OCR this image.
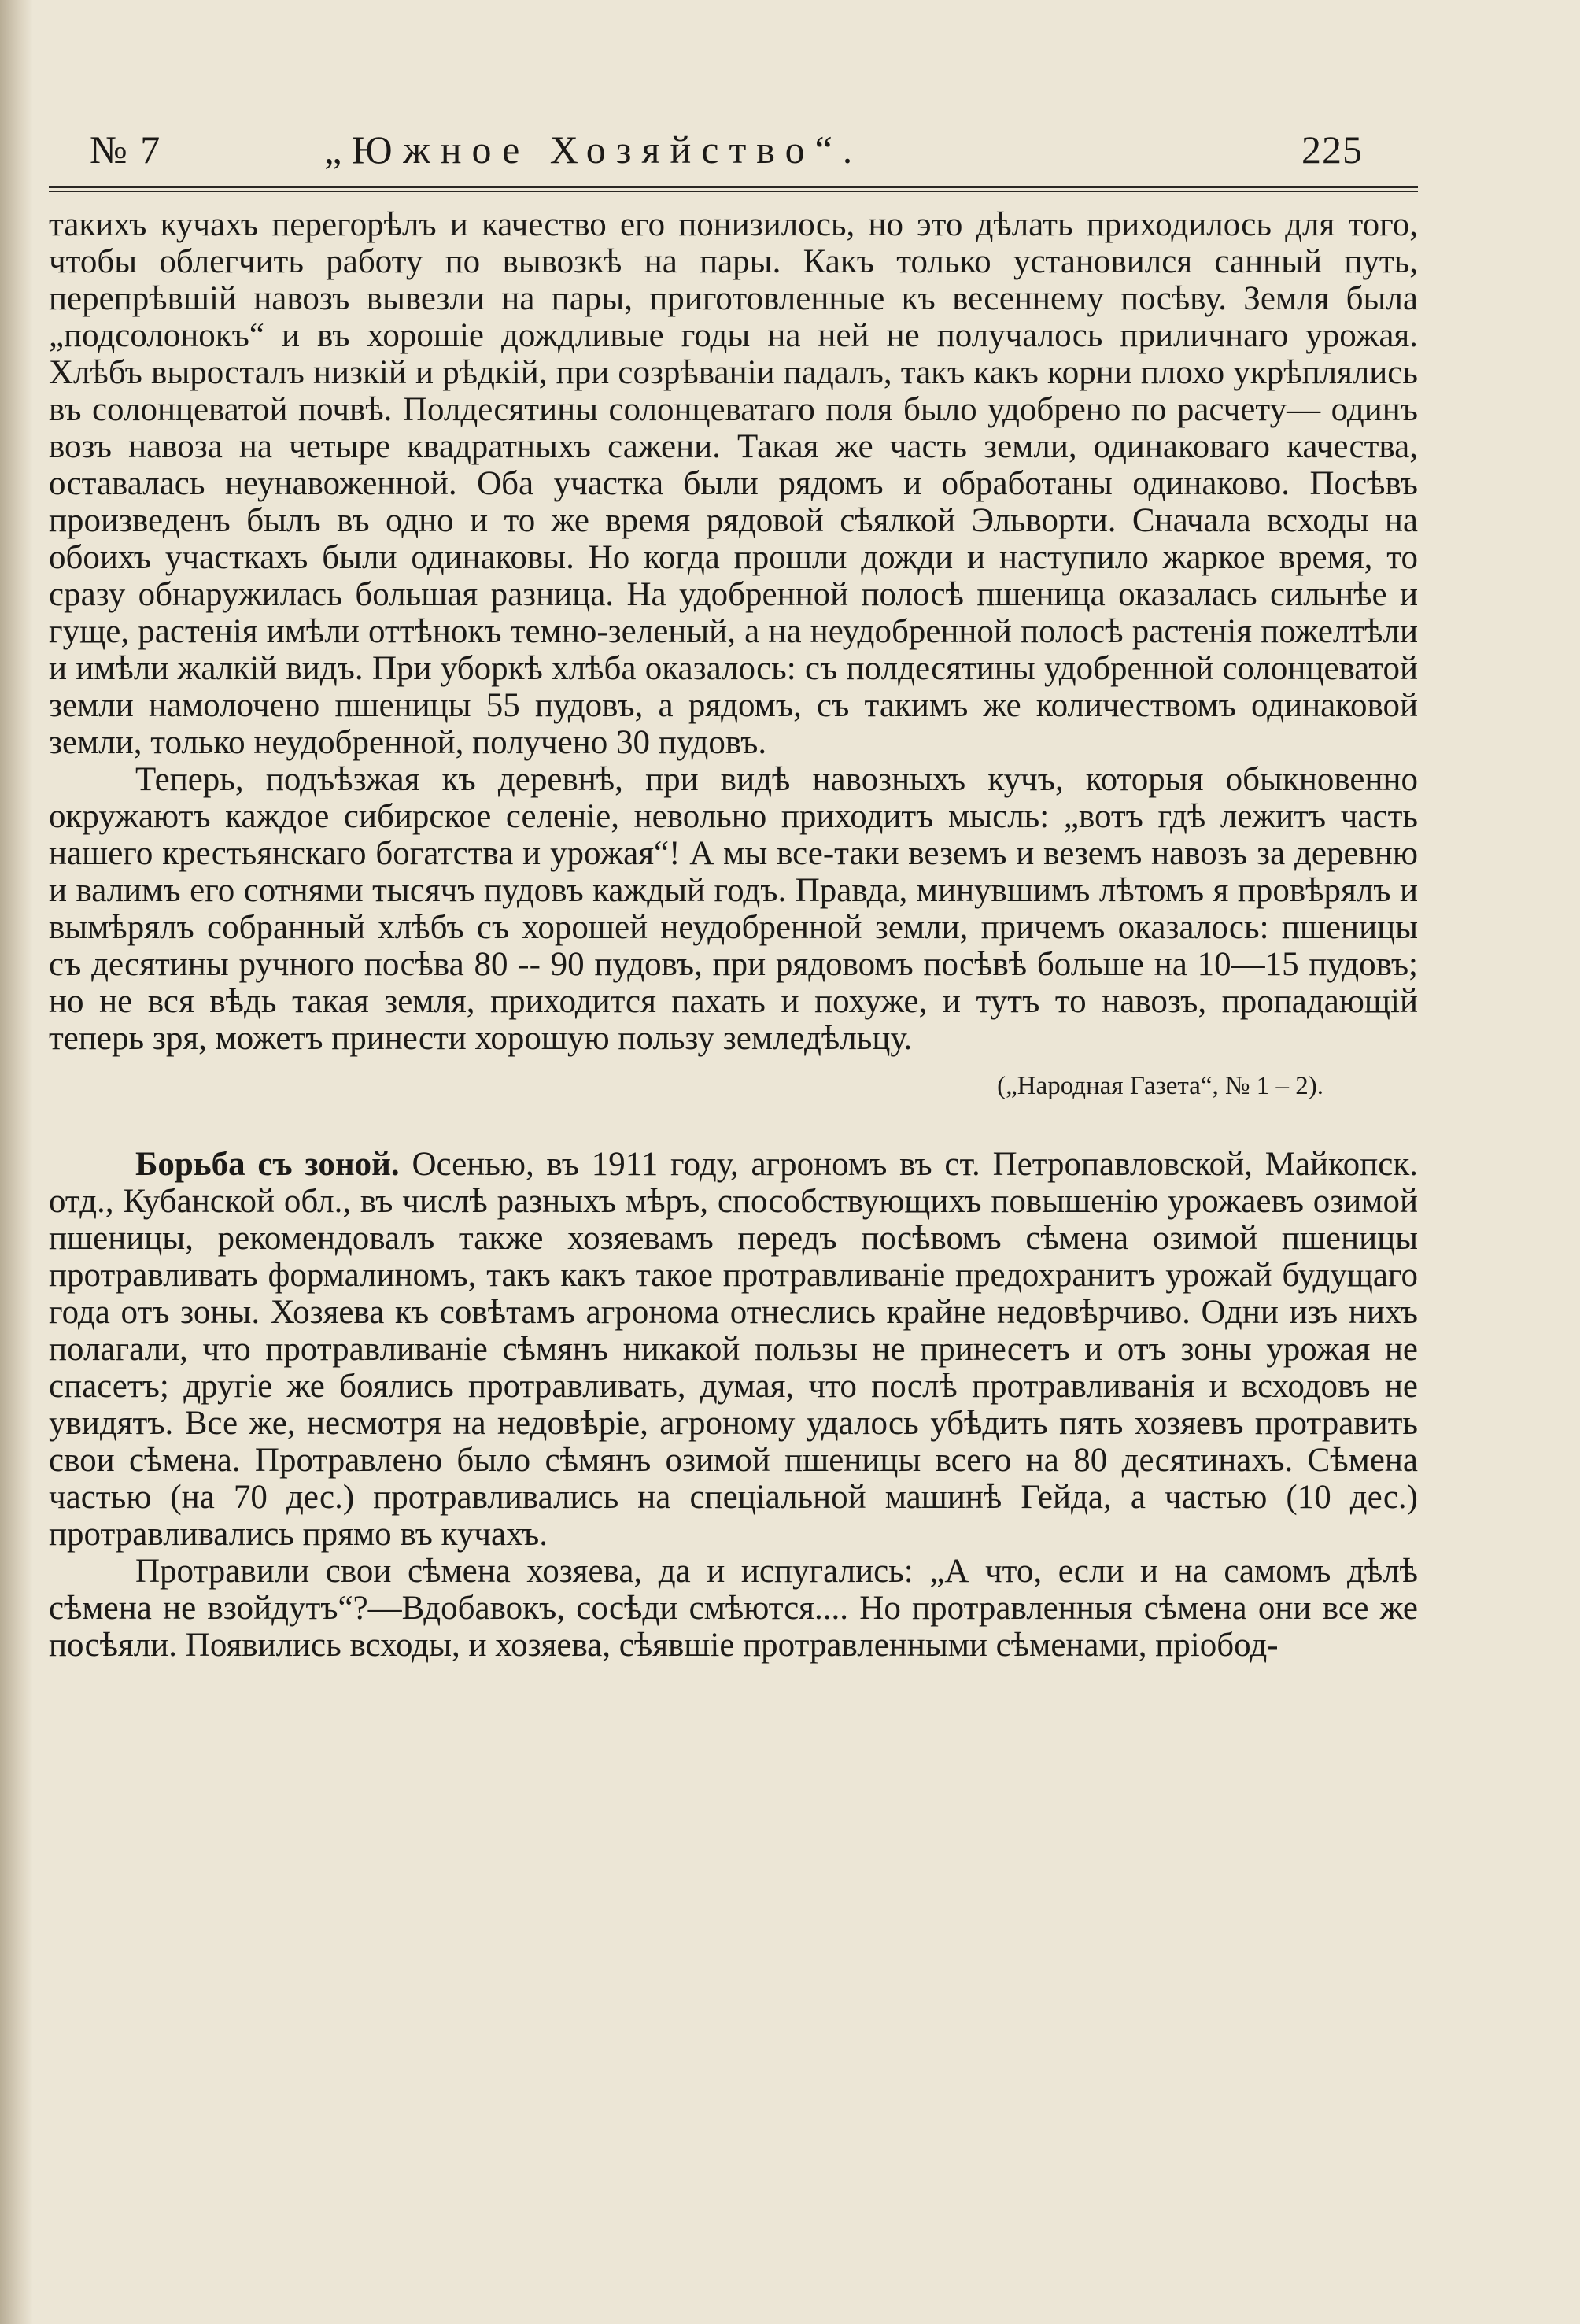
№ 7	„Южное Хозяйство“.	225

такихъ кучахъ перегорѣлъ и качество его понизилось, но это дѣлать приходилось для того, чтобы облегчить работу по вывозкѣ на пары. Какъ только установился санный путь, перепрѣвшій навозъ вывезли на пары, приготовленные къ весеннему посѣву. Земля была „подсолонокъ“ и въ хорошіе дождливые годы на ней не получалось приличнаго урожая. Хлѣбъ выросталъ низкій и рѣдкій, при созрѣваніи падалъ, такъ какъ корни плохо укрѣплялись въ солонцеватой почвѣ. Полдесятины солонцеватаго поля было удобрено по расчету— одинъ возъ навоза на четыре квадратныхъ сажени. Такая же часть земли, одинаковаго качества, оставалась неунавоженной. Оба участка были рядомъ и обработаны одинаково. Посѣвъ произведенъ былъ въ одно и то же время рядовой сѣялкой Эльворти. Сначала всходы на обоихъ участкахъ были одинаковы. Но когда прошли дожди и наступило жаркое время, то сразу обнаружилась большая разница. На удобренной полосѣ пшеница оказалась сильнѣе и гуще, растенія имѣли оттѣнокъ темно-зеленый, а на неудобренной полосѣ растенія пожелтѣли и имѣли жалкій видъ. При уборкѣ хлѣба оказалось: съ полдесятины удобренной солонцеватой земли намолочено пшеницы 55 пудовъ, а рядомъ, съ такимъ же количествомъ одинаковой земли, только неудобренной, получено 30 пудовъ.

Теперь, подъѣзжая къ деревнѣ, при видѣ навозныхъ кучъ, которыя обыкновенно окружаютъ каждое сибирское селеніе, невольно приходитъ мысль: „вотъ гдѣ лежитъ часть нашего крестьянскаго богатства и урожая“! А мы все-таки веземъ и веземъ навозъ за деревню и валимъ его сотнями тысячъ пудовъ каждый годъ. Правда, минувшимъ лѣтомъ я провѣрялъ и вымѣрялъ собранный хлѣбъ съ хорошей неудобренной земли, причемъ оказалось: пшеницы съ десятины ручного посѣва 80 -- 90 пудовъ, при рядовомъ посѣвѣ больше на 10—15 пудовъ; но не вся вѣдь такая земля, приходится пахать и похуже, и тутъ то навозъ, пропадающій теперь зря, можетъ принести хорошую пользу земледѣльцу.

(„Народная Газета“, № 1 – 2).

Борьба съ зоной. Осенью, въ 1911 году, агрономъ въ ст. Петропавловской, Майкопск. отд., Кубанской обл., въ числѣ разныхъ мѣръ, способствующихъ повышенію урожаевъ озимой пшеницы, рекомендовалъ также хозяевамъ передъ посѣвомъ сѣмена озимой пшеницы протравливать формалиномъ, такъ какъ такое протравливаніе предохранитъ урожай будущаго года отъ зоны. Хозяева къ совѣтамъ агронома отнеслись крайне недовѣрчиво. Одни изъ нихъ полагали, что протравливаніе сѣмянъ никакой пользы не принесетъ и отъ зоны урожая не спасетъ; другіе же боялись протравливать, думая, что послѣ протравливанія и всходовъ не увидятъ. Все же, несмотря на недовѣріе, агроному удалось убѣдить пять хозяевъ протравить свои сѣмена. Протравлено было сѣмянъ озимой пшеницы всего на 80 десятинахъ. Сѣмена частью (на 70 дес.) протравливались на спеціальной машинѣ Гейда, а частью (10 дес.) протравливались прямо въ кучахъ.

Протравили свои сѣмена хозяева, да и испугались: „А что, если и на самомъ дѣлѣ сѣмена не взойдутъ“?—Вдобавокъ, сосѣди смѣются.... Но протравленныя сѣмена они все же посѣяли. Появились всходы, и хозяева, сѣявшіе протравленными сѣменами, пріобод-
